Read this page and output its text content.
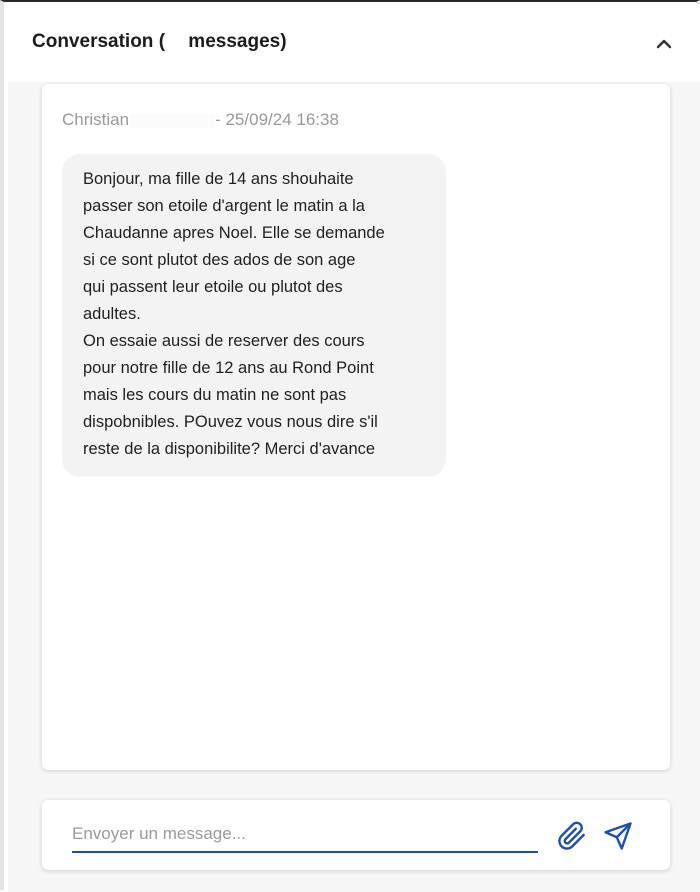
Conversation ( messages)
Christian	- 25/09/24 16:38
Bonjour, ma fille de 14 ans shouhaite
passer son etoile d'argent le matin a la
Chaudanne apres Noel. Elle se demande
si ce sont plutot des ados de son age
qui passent leur etoile ou plutot des
adultes.
On essaie aussi de reserver des cours
pour notre fille de 12 ans au Rond Point
mais les cours du matin ne sont pas
dispobnibles. POuvez vous nous dire s'il
reste de la disponibilite? Merci d'avance
Envoyer un message...
